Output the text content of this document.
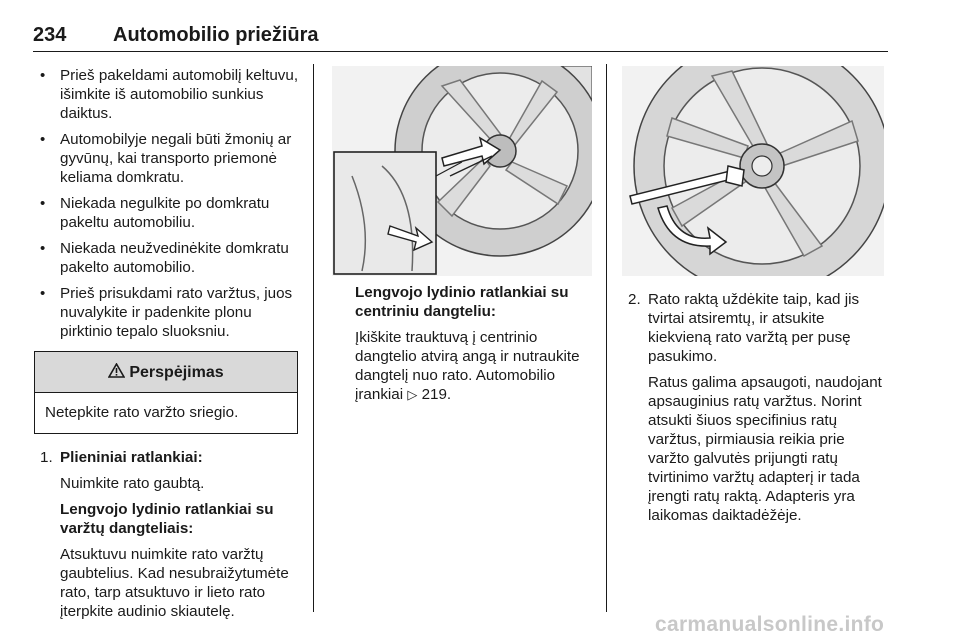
234 Automobilio priežiūra
• Prieš pakeldami automobilį keltuvu, išimkite iš automobilio sunkius daiktus.
• Automobilyje negali būti žmonių ar gyvūnų, kai transporto priemonė keliama domkratu.
• Niekada negulkite po domkratu pakeltu automobiliu.
• Niekada neužvedinėkite domkratu pakelto automobilio.
• Prieš prisukdami rato varžtus, juos nuvalykite ir padenkite plonu pirktinio tepalo sluoksniu.
Perspėjimas
Netepkite rato varžto sriegio.
1. Plieniniai ratlankiai:

Nuimkite rato gaubtą.

Lengvojo lydinio ratlankiai su varžtų dangteliais:

Atsuktuvu nuimkite rato varžtų gaubtelius. Kad nesubraižytumėte rato, tarp atsuktuvo ir lieto rato įterpkite audinio skiautelę.

Lengvojo lydinio ratlankiai su centriniu dangteliu:

Įkiškite trauktuvą į centrinio dangtelio atvirą angą ir nutraukite dangtelį nuo rato. Automobilio įrankiai ▷ 219.

2. Rato raktą uždėkite taip, kad jis tvirtai atsiremtų, ir atsukite kiekvieną rato varžtą per pusę pasukimo.

Ratus galima apsaugoti, naudojant apsauginius ratų varžtus. Norint atsukti šiuos specifinius ratų varžtus, pirmiausia reikia prie varžto galvutės prijungti ratų tvirtinimo varžtų adapterį ir tada įrengti ratų raktą. Adapteris yra laikomas daiktadėžėje.

carmanualsonline.info
